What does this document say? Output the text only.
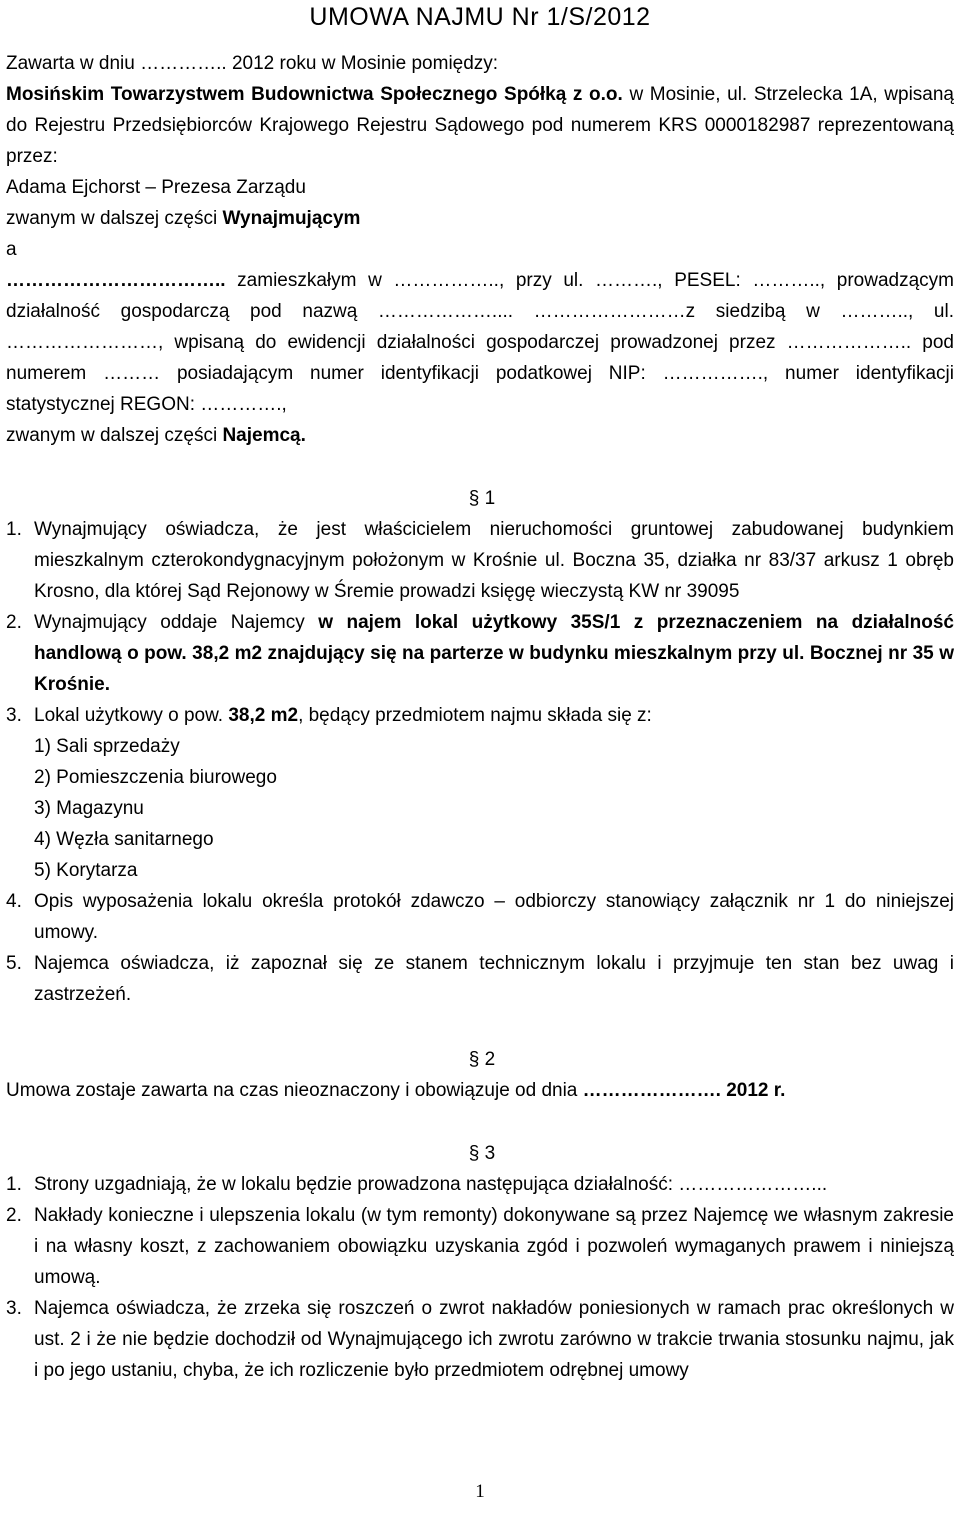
UMOWA NAJMU Nr 1/S/2012

Zawarta w dniu ………….. 2012 roku w Mosinie pomiędzy:

Mosińskim Towarzystwem Budownictwa Społecznego Spółką z o.o. w Mosinie, ul. Strzelecka 1A, wpisaną do Rejestru Przedsiębiorców Krajowego Rejestru Sądowego pod numerem KRS 0000182987 reprezentowaną przez:

Adama Ejchorst – Prezesa Zarządu

zwanym w dalszej części Wynajmującym

a

…………………………….. zamieszkałym w …………….., przy ul. ………., PESEL: ……….., prowadzącym działalność gospodarczą pod nazwą ……………….... ……………………z siedzibą w ……….., ul. ……………………, wpisaną do ewidencji działalności gospodarczej prowadzonej przez ……………….. pod numerem ……… posiadającym numer identyfikacji podatkowej NIP: ……………., numer identyfikacji statystycznej REGON: ………….,

zwanym w dalszej części Najemcą.

§ 1

1. Wynajmujący oświadcza, że jest właścicielem nieruchomości gruntowej zabudowanej budynkiem mieszkalnym czterokondygnacyjnym położonym w Krośnie ul. Boczna 35, działka nr 83/37 arkusz 1 obręb Krosno, dla której Sąd Rejonowy w Śremie prowadzi księgę wieczystą KW nr 39095
2. Wynajmujący oddaje Najemcy w najem lokal użytkowy 35S/1 z przeznaczeniem na działalność handlową o pow. 38,2 m2 znajdujący się na parterze w budynku mieszkalnym przy ul. Bocznej nr 35 w Krośnie.
3. Lokal użytkowy o pow. 38,2 m2, będący przedmiotem najmu składa się z:
1) Sali sprzedaży
2) Pomieszczenia biurowego
3) Magazynu
4) Węzła sanitarnego
5) Korytarza
4. Opis wyposażenia lokalu określa protokół zdawczo – odbiorczy stanowiący załącznik nr 1 do niniejszej umowy.
5. Najemca oświadcza, iż zapoznał się ze stanem technicznym lokalu i przyjmuje ten stan bez uwag i zastrzeżeń.

§ 2

Umowa zostaje zawarta na czas nieoznaczony i obowiązuje od dnia …………………. 2012 r.

§ 3

1. Strony uzgadniają, że w lokalu będzie prowadzona następująca działalność: …………………...
2. Nakłady konieczne i ulepszenia lokalu (w tym remonty) dokonywane są przez Najemcę we własnym zakresie i na własny koszt, z zachowaniem obowiązku uzyskania zgód i pozwoleń wymaganych prawem i niniejszą umową.
3. Najemca oświadcza, że zrzeka się roszczeń o zwrot nakładów poniesionych w ramach prac określonych w ust. 2 i że nie będzie dochodził od Wynajmującego ich zwrotu zarówno w trakcie trwania stosunku najmu, jak i po jego ustaniu, chyba, że ich rozliczenie było przedmiotem odrębnej umowy
1
